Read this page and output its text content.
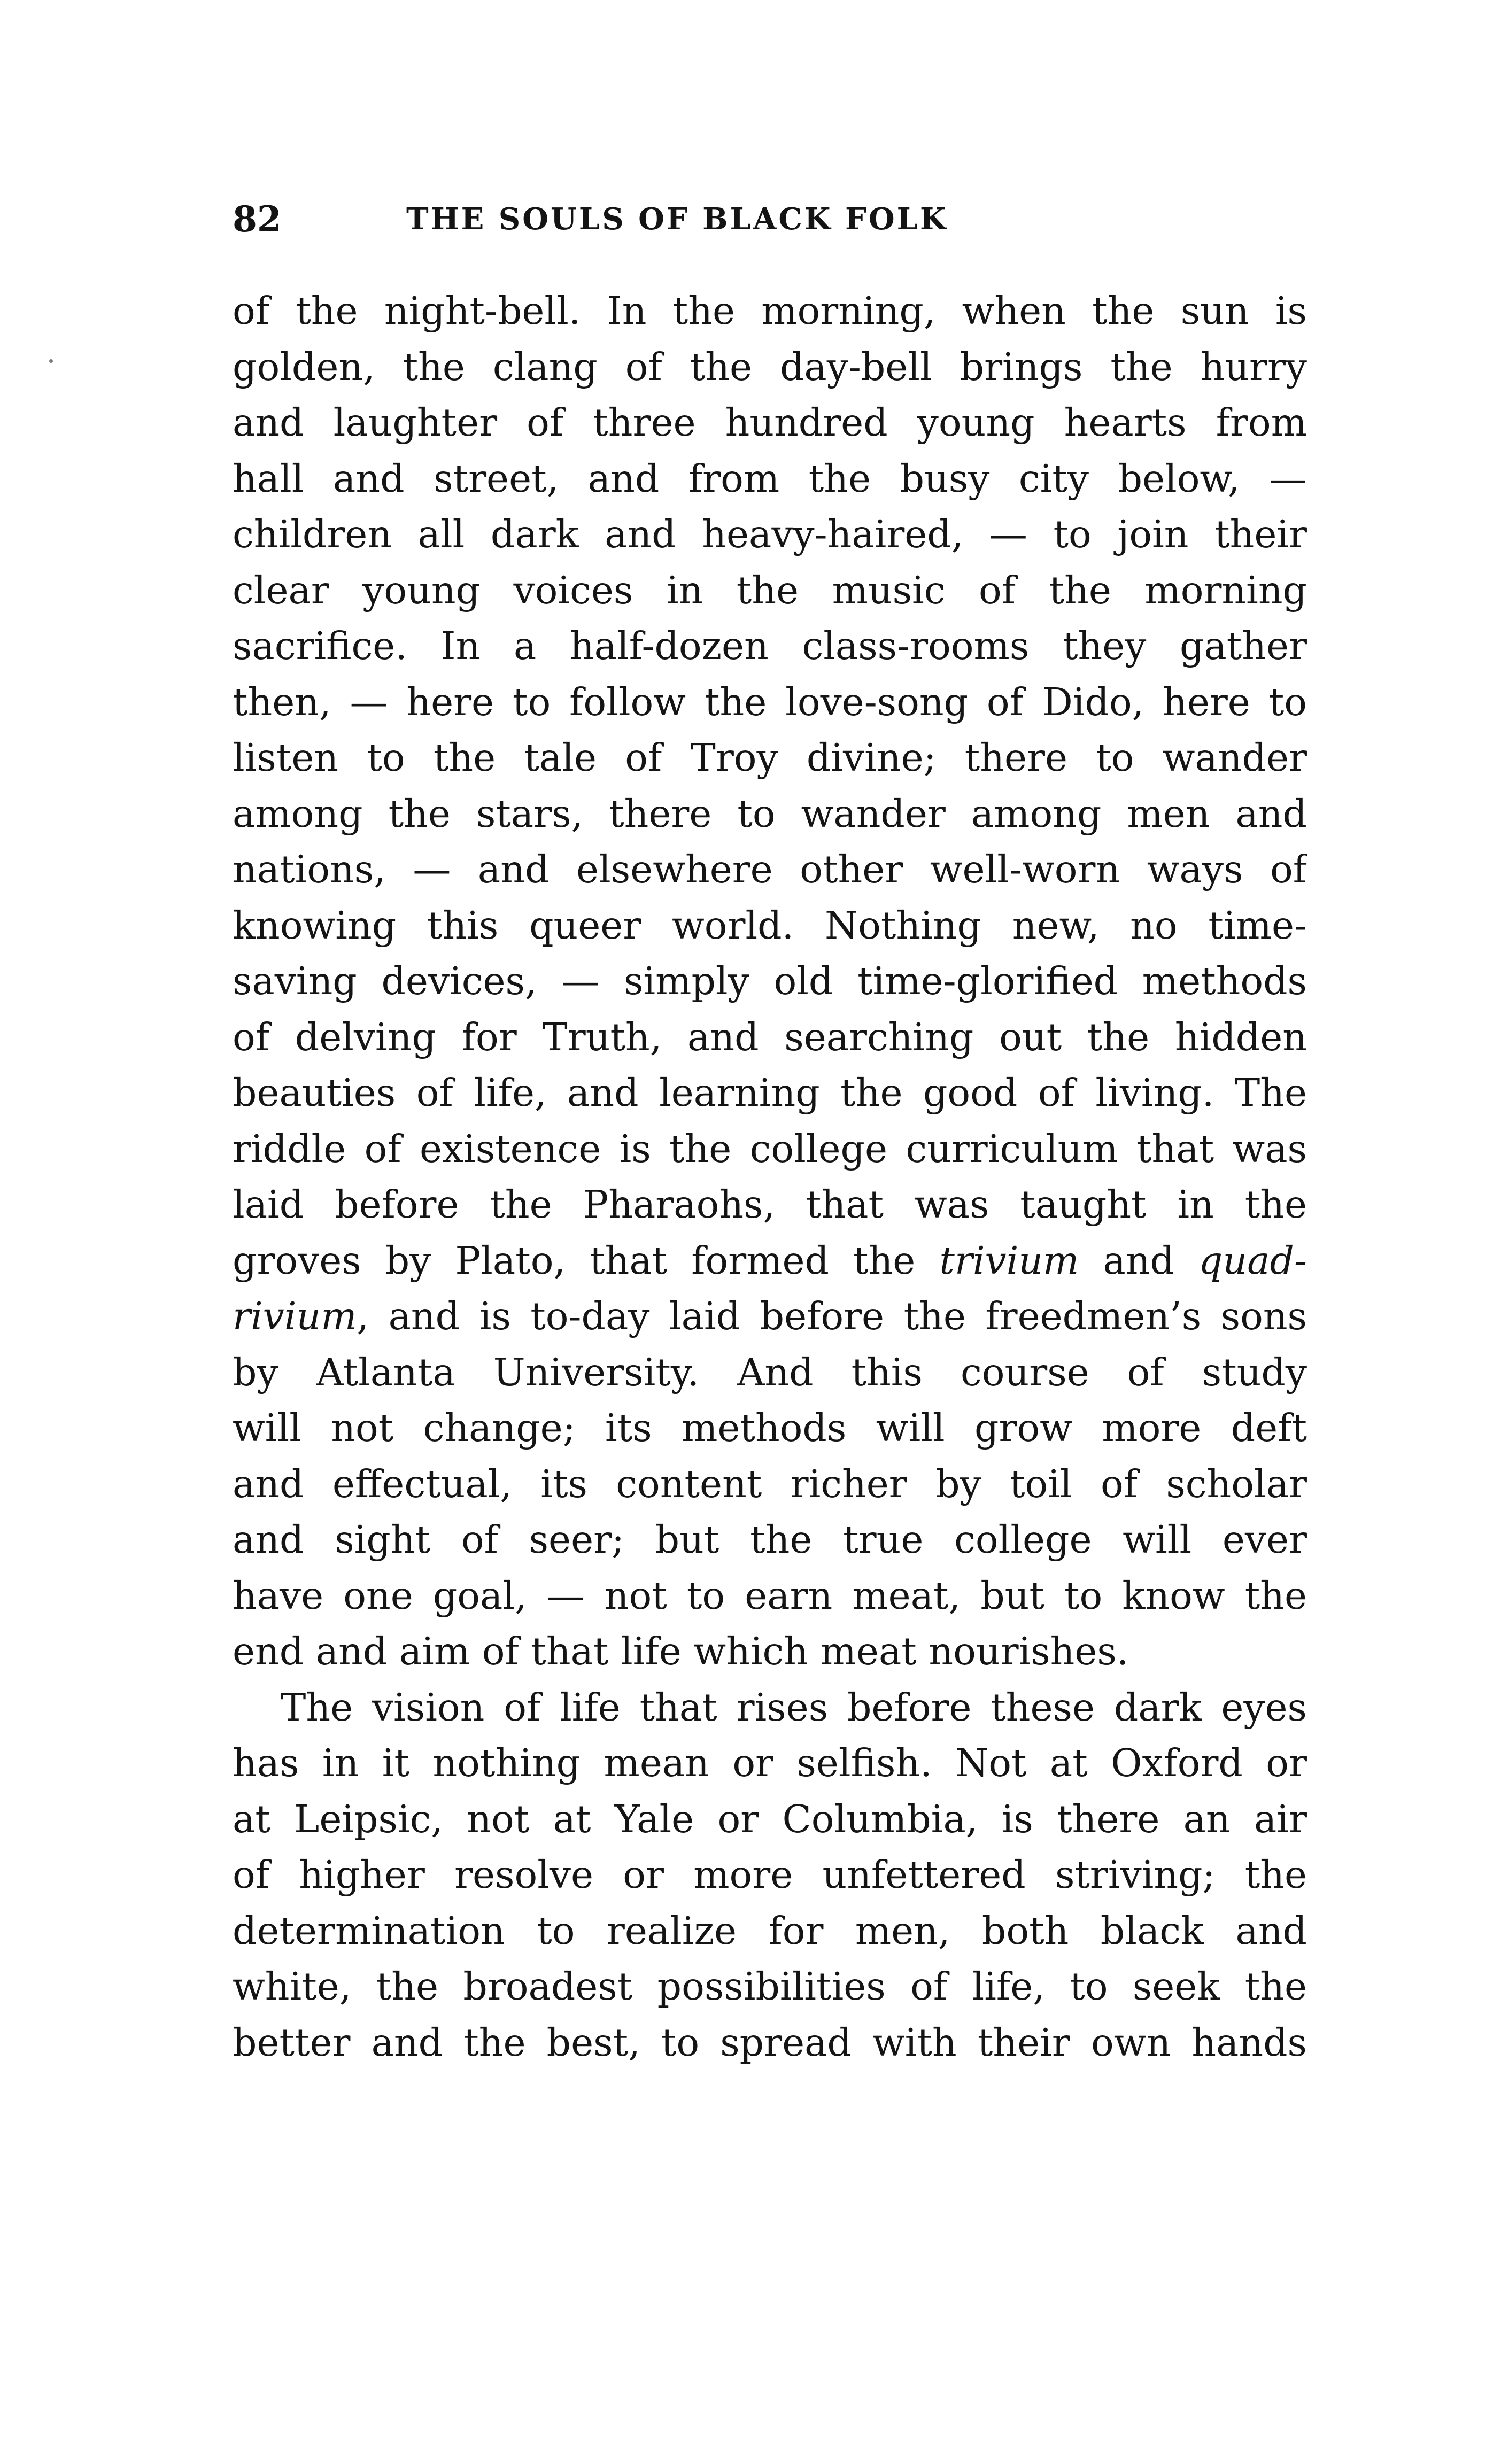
82	THE SOULS OF BLACK FOLK
of the night-bell. In the morning, when the sun is
golden, the clang of the day-bell brings the hurry
and laughter of three hundred young hearts from
hall and street, and from the busy city below, —
children all dark and heavy-haired, — to join their
clear young voices in the music of the morning
sacrifice. In a half-dozen class-rooms they gather
then, — here to follow the love-song of Dido, here to
listen to the tale of Troy divine; there to wander
among the stars, there to wander among men and
nations, — and elsewhere other well-worn ways of
knowing this queer world. Nothing new, no time-
saving devices, — simply old time-glorified methods
of delving for Truth, and searching out the hidden
beauties of life, and learning the good of living. The
riddle of existence is the college curriculum that was
laid before the Pharaohs, that was taught in the
groves by Plato, that formed the trivium and quad-
rivium, and is to-day laid before the freedmen’s sons
by Atlanta University. And this course of study
will not change; its methods will grow more deft
and effectual, its content richer by toil of scholar
and sight of seer; but the true college will ever
have one goal, — not to earn meat, but to know the
end and aim of that life which meat nourishes.
The vision of life that rises before these dark eyes
has in it nothing mean or selfish. Not at Oxford or
at Leipsic, not at Yale or Columbia, is there an air
of higher resolve or more unfettered striving; the
determination to realize for men, both black and
white, the broadest possibilities of life, to seek the
better and the best, to spread with their own hands
